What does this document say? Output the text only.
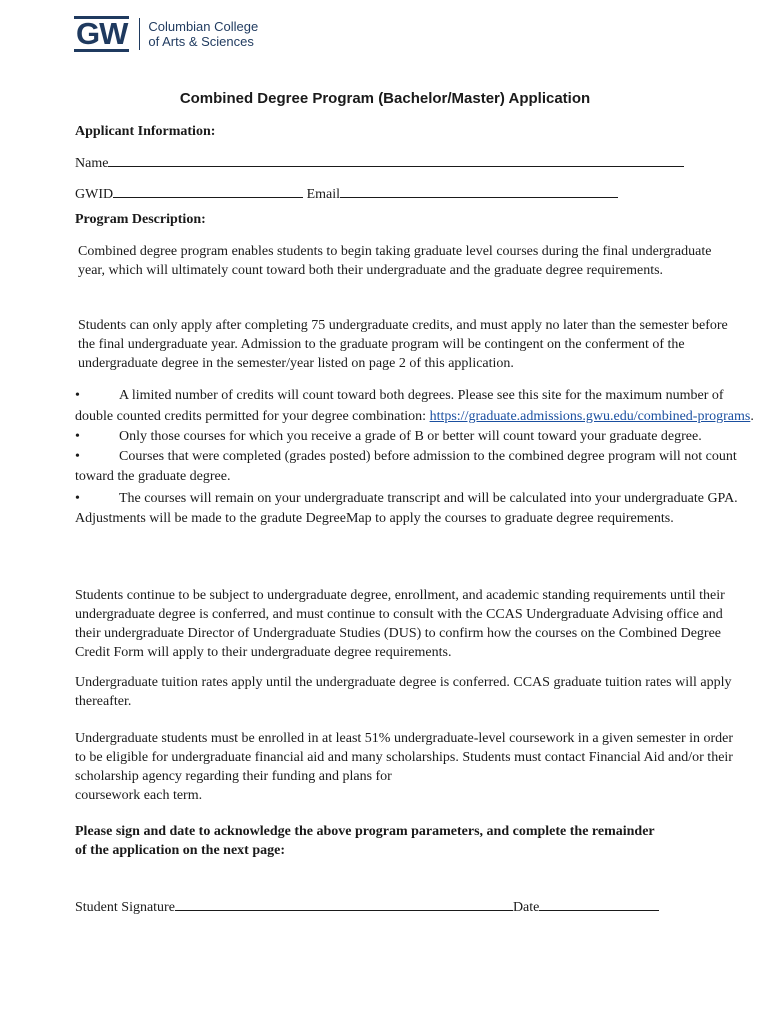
GW Columbian College
of Arts & Sciences
Combined Degree Program (Bachelor/Master) Application

Applicant Information:

Name

GWID	Email

Program Description:

Combined degree program enables students to begin taking graduate level courses during the final undergraduate year, which will ultimately count toward both their undergraduate and the graduate degree requirements.

Students can only apply after completing 75 undergraduate credits, and must apply no later than the semester before the final undergraduate year. Admission to the graduate program will be contingent on the conferment of the undergraduate degree in the semester/year listed on page 2 of this application.

•	A limited number of credits will count toward both degrees. Please see this site for the maximum number of double counted credits permitted for your degree combination: https://graduate.admissions.gwu.edu/combined-programs.

•	Only those courses for which you receive a grade of B or better will count toward your graduate degree.

•	Courses that were completed (grades posted) before admission to the combined degree program will not count toward the graduate degree.

•	The courses will remain on your undergraduate transcript and will be calculated into your undergraduate GPA. Adjustments will be made to the gradute DegreeMap to apply the courses to graduate degree requirements.

Students continue to be subject to undergraduate degree, enrollment, and academic standing requirements until their undergraduate degree is conferred, and must continue to consult with the CCAS Undergraduate Advising office and their undergraduate Director of Undergraduate Studies (DUS) to confirm how the courses on the Combined Degree Credit Form will apply to their undergraduate degree requirements.

Undergraduate tuition rates apply until the undergraduate degree is conferred. CCAS graduate tuition rates will apply thereafter.

Undergraduate students must be enrolled in at least 51% undergraduate-level coursework in a given semester in order to be eligible for undergraduate financial aid and many scholarships. Students must contact Financial Aid and/or their scholarship agency regarding their funding and plans for

coursework each term.

Please sign and date to acknowledge the above program parameters, and complete the remainder

of the application on the next page:

Student Signature	Date
